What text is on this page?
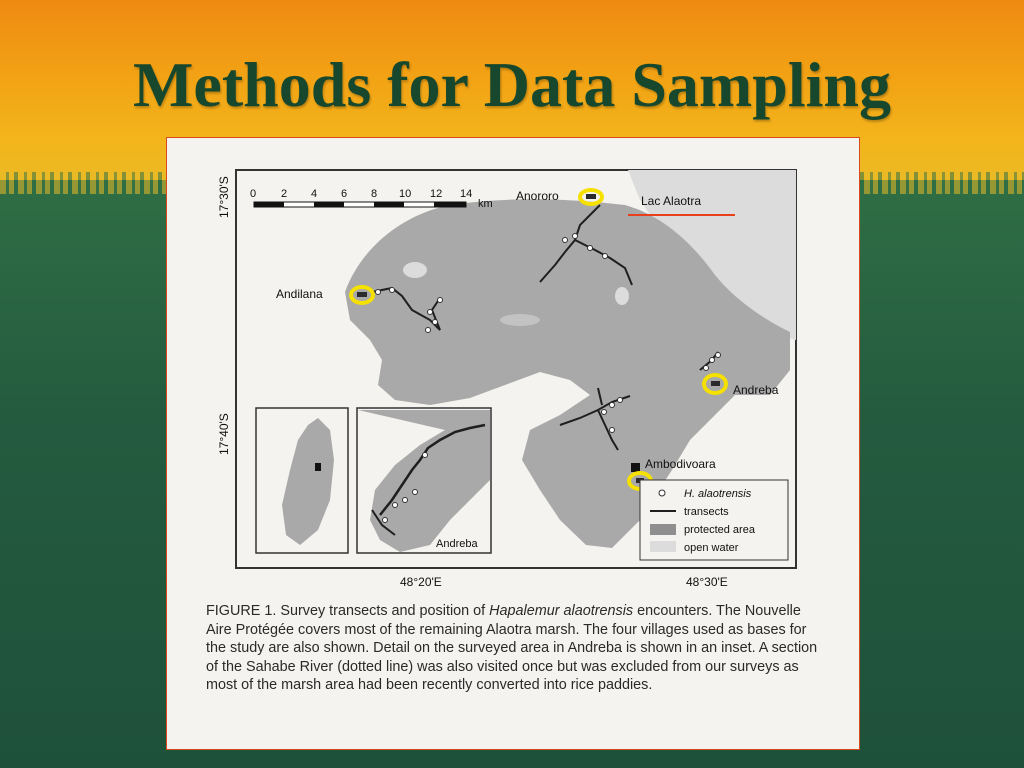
Methods for Data Sampling
0 2 4 6 8 10 12 14
km
17°30'S
17°40'S
48°20'E	48°30'E
Lac Alaotra
Anororo
Andilana
Andreba
Ambodivoara
Andreba
H. alaotrensis
transects
protected area
open water

FIGURE 1. Survey transects and position of Hapalemur alaotrensis encounters. The Nouvelle Aire Protégée covers most of the remaining Alaotra marsh. The four villages used as bases for the study are also shown. Detail on the surveyed area in Andreba is shown in an inset. A section of the Sahabe River (dotted line) was also visited once but was excluded from our surveys as most of the marsh area had been recently converted into rice paddies.
